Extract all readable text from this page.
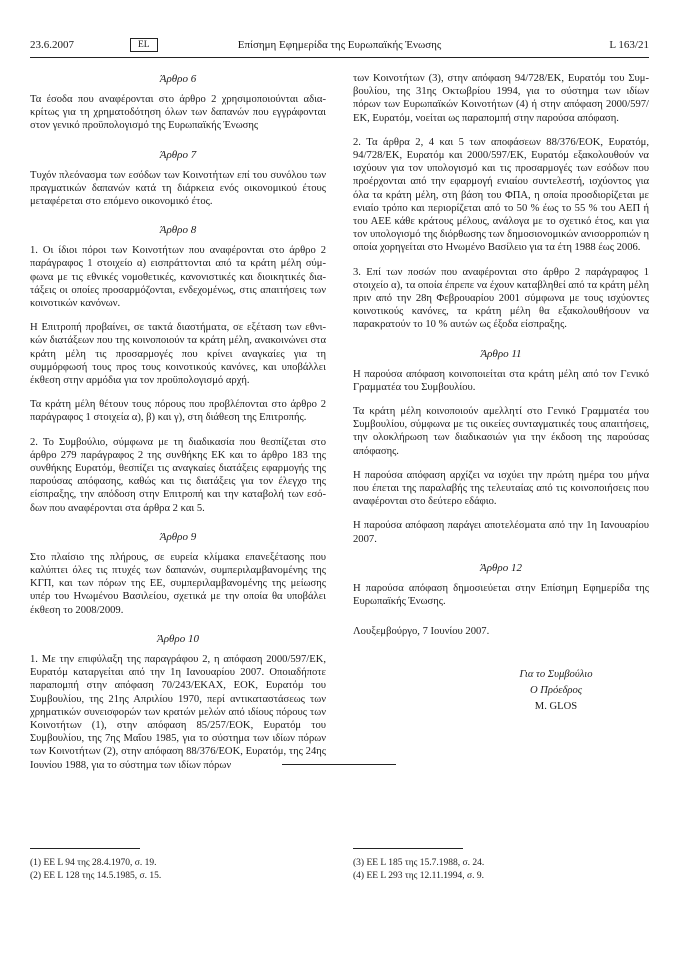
23.6.2007	EL	Επίσημη Εφημερίδα της Ευρωπαϊκής Ένωσης	L 163/21

Άρθρο 6

Τα έσοδα που αναφέρονται στο άρθρο 2 χρησιμοποιούνται αδιακρίτως για τη χρηματοδότηση όλων των δαπανών που εγγράφονται στον γενικό προϋπολογισμό της Ευρωπαϊκής Ένωσης

Άρθρο 7

Τυχόν πλεόνασμα των εσόδων των Κοινοτήτων επί του συνόλου των πραγματικών δαπανών κατά τη διάρκεια ενός οικονομικού έτους μεταφέρεται στο επόμενο οικονομικό έτος.

Άρθρο 8

1. Οι ίδιοι πόροι των Κοινοτήτων που αναφέρονται στο άρθρο 2 παράγραφος 1 στοιχείο α) εισπράττονται από τα κράτη μέλη σύμφωνα με τις εθνικές νομοθετικές, κανονιστικές και διοικητικές διατάξεις οι οποίες προσαρμόζονται, ενδεχομένως, στις απαιτήσεις των κοινοτικών κανόνων.

Η Επιτροπή προβαίνει, σε τακτά διαστήματα, σε εξέταση των εθνικών διατάξεων που της κοινοποιούν τα κράτη μέλη, ανακοινώνει στα κράτη μέλη τις προσαρμογές που κρίνει αναγκαίες για τη συμμόρφωσή τους προς τους κοινοτικούς κανόνες, και υποβάλλει έκθεση στην αρμόδια για τον προϋπολογισμό αρχή.

Τα κράτη μέλη θέτουν τους πόρους που προβλέπονται στο άρθρο 2 παράγραφος 1 στοιχεία α), β) και γ), στη διάθεση της Επιτροπής.

2. Το Συμβούλιο, σύμφωνα με τη διαδικασία που θεσπίζεται στο άρθρο 279 παράγραφος 2 της συνθήκης ΕΚ και το άρθρο 183 της συνθήκης Ευρατόμ, θεσπίζει τις αναγκαίες διατάξεις εφαρμογής της παρούσας απόφασης, καθώς και τις διατάξεις για τον έλεγχο της είσπραξης, την απόδοση στην Επιτροπή και την καταβολή των εσόδων που αναφέρονται στα άρθρα 2 και 5.

Άρθρο 9

Στο πλαίσιο της πλήρους, σε ευρεία κλίμακα επανεξέτασης που καλύπτει όλες τις πτυχές των δαπανών, συμπεριλαμβανομένης της ΚΓΠ, και των πόρων της ΕΕ, συμπεριλαμβανομένης της μείωσης υπέρ του Ηνωμένου Βασιλείου, σχετικά με την οποία θα υποβάλει έκθεση το 2008/2009.

Άρθρο 10

1. Με την επιφύλαξη της παραγράφου 2, η απόφαση 2000/597/ΕΚ, Ευρατόμ καταργείται από την 1η Ιανουαρίου 2007. Οποιαδήποτε παραπομπή στην απόφαση 70/243/ΕΚΑΧ, ΕΟΚ, Ευρατόμ του Συμβουλίου, της 21ης Απριλίου 1970, περί αντικαταστάσεως των χρηματικών συνεισφορών των κρατών μελών από ιδίους πόρους των Κοινοτήτων (1), στην απόφαση 85/257/ΕΟΚ, Ευρατόμ του Συμβουλίου, της 7ης Μαΐου 1985, για το σύστημα των ιδίων πόρων των Κοινοτήτων (2), στην απόφαση 88/376/ΕΟΚ, Ευρατόμ, της 24ης Ιουνίου 1988, για το σύστημα των ιδίων πόρων

των Κοινοτήτων (3), στην απόφαση 94/728/ΕΚ, Ευρατόμ του Συμβουλίου, της 31ης Οκτωβρίου 1994, για το σύστημα των ιδίων πόρων των Ευρωπαϊκών Κοινοτήτων (4) ή στην απόφαση 2000/597/ΕΚ, Ευρατόμ, νοείται ως παραπομπή στην παρούσα απόφαση.

2. Τα άρθρα 2, 4 και 5 των αποφάσεων 88/376/ΕΟΚ, Ευρατόμ, 94/728/ΕΚ, Ευρατόμ και 2000/597/ΕΚ, Ευρατόμ εξακολουθούν να ισχύουν για τον υπολογισμό και τις προσαρμογές των εσόδων που προέρχονται από την εφαρμογή ενιαίου συντελεστή, ισχύοντος για όλα τα κράτη μέλη, στη βάση του ΦΠΑ, η οποία προσδιορίζεται με ενιαίο τρόπο και περιορίζεται από το 50 % έως το 55 % του ΑΕΠ ή του ΑΕΕ κάθε κράτους μέλους, ανάλογα με το σχετικό έτος, και για τον υπολογισμό της διόρθωσης των δημοσιονομικών ανισορροπιών η οποία χορηγείται στο Ηνωμένο Βασίλειο για τα έτη 1988 έως 2006.

3. Επί των ποσών που αναφέρονται στο άρθρο 2 παράγραφος 1 στοιχείο α), τα οποία έπρεπε να έχουν καταβληθεί από τα κράτη μέλη πριν από την 28η Φεβρουαρίου 2001 σύμφωνα με τους ισχύοντες κοινοτικούς κανόνες, τα κράτη μέλη θα εξακολουθήσουν να παρακρατούν το 10 % αυτών ως έξοδα είσπραξης.

Άρθρο 11

Η παρούσα απόφαση κοινοποιείται στα κράτη μέλη από τον Γενικό Γραμματέα του Συμβουλίου.

Τα κράτη μέλη κοινοποιούν αμελλητί στο Γενικό Γραμματέα του Συμβουλίου, σύμφωνα με τις οικείες συνταγματικές τους απαιτήσεις, την ολοκλήρωση των διαδικασιών για την έκδοση της παρούσας απόφασης.

Η παρούσα απόφαση αρχίζει να ισχύει την πρώτη ημέρα του μήνα που έπεται της παραλαβής της τελευταίας από τις κοινοποιήσεις που αναφέρονται στο δεύτερο εδάφιο.

Η παρούσα απόφαση παράγει αποτελέσματα από την 1η Ιανουαρίου 2007.

Άρθρο 12

Η παρούσα απόφαση δημοσιεύεται στην Επίσημη Εφημερίδα της Ευρωπαϊκής Ένωσης.

Λουξεμβούργο, 7 Ιουνίου 2007.

Για το Συμβούλιο
Ο Πρόεδρος
M. GLOS
(1) ΕΕ L 94 της 28.4.1970, σ. 19.
(2) ΕΕ L 128 της 14.5.1985, σ. 15.
(3) ΕΕ L 185 της 15.7.1988, σ. 24.
(4) ΕΕ L 293 της 12.11.1994, σ. 9.
